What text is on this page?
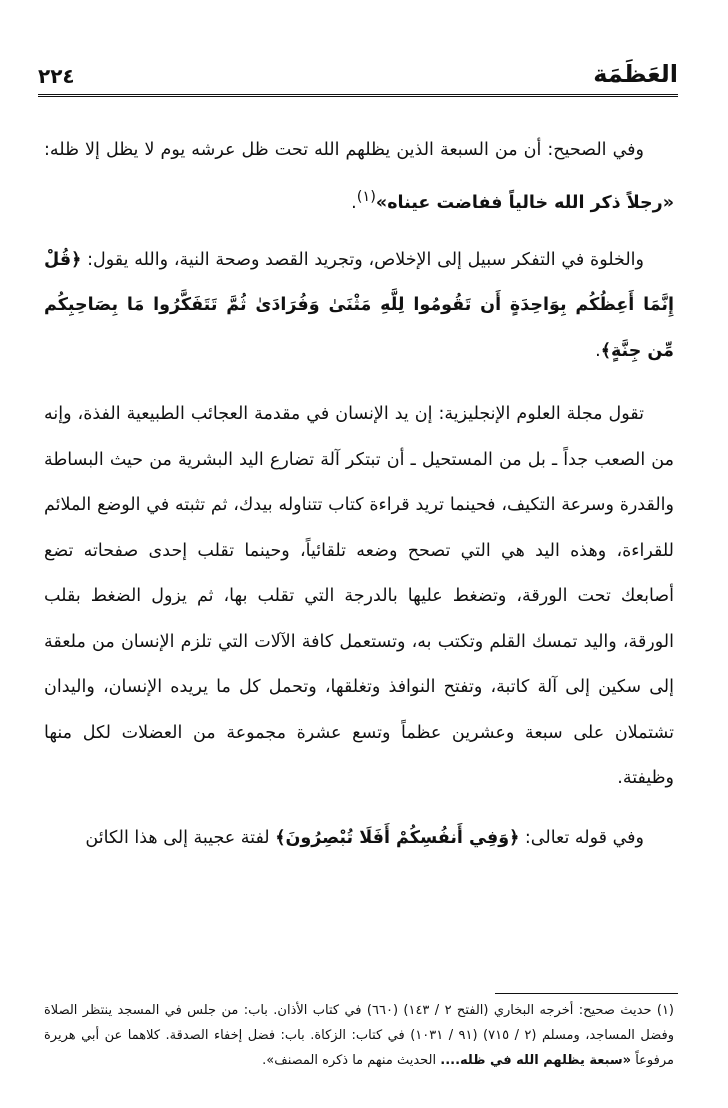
العَظَمَة
٢٢٤

وفي الصحيح: أن من السبعة الذين يظلهم الله تحت ظل عرشه يوم لا يظل إلا ظله: «رجلاً ذكر الله خالياً ففاضت عيناه»$^{(١)}$.

والخلوة في التفكر سبيل إلى الإخلاص، وتجريد القصد وصحة النية، والله يقول: ﴿قُلْ إِنَّمَا أَعِظُكُم بِوَاحِدَةٍ أَن تَقُومُوا لِلَّهِ مَثْنَىٰ وَفُرَادَىٰ ثُمَّ تَتَفَكَّرُوا مَا بِصَاحِبِكُم مِّن جِنَّةٍ﴾.

تقول مجلة العلوم الإنجليزية: إن يد الإنسان في مقدمة العجائب الطبيعية الفذة، وإنه من الصعب جداً ـ بل من المستحيل ـ أن تبتكر آلة تضارع اليد البشرية من حيث البساطة والقدرة وسرعة التكيف، فحينما تريد قراءة كتاب تتناوله بيدك، ثم تثبته في الوضع الملائم للقراءة، وهذه اليد هي التي تصحح وضعه تلقائياً، وحينما تقلب إحدى صفحاته تضع أصابعك تحت الورقة، وتضغط عليها بالدرجة التي تقلب بها، ثم يزول الضغط بقلب الورقة، واليد تمسك القلم وتكتب به، وتستعمل كافة الآلات التي تلزم الإنسان من ملعقة إلى سكين إلى آلة كاتبة، وتفتح النوافذ وتغلقها، وتحمل كل ما يريده الإنسان، واليدان تشتملان على سبعة وعشرين عظماً وتسع عشرة مجموعة من العضلات لكل منها وظيفتة.

وفي قوله تعالى: ﴿وَفِي أَنفُسِكُمْ أَفَلَا تُبْصِرُونَ﴾ لفتة عجيبة إلى هذا الكائن

(١) حديث صحيح: أخرجه البخاري (الفتح ٢ / ١٤٣) (٦٦٠) في كتاب الأذان. باب: من جلس في المسجد ينتظر الصلاة وفضل المساجد، ومسلم (٢ / ٧١٥) (٩١ / ١٠٣١) في كتاب: الزكاة. باب: فضل إخفاء الصدقة. كلاهما عن أبي هريرة مرفوعاً «سبعة يظلهم الله في ظله.... الحديث منهم ما ذكره المصنف».
